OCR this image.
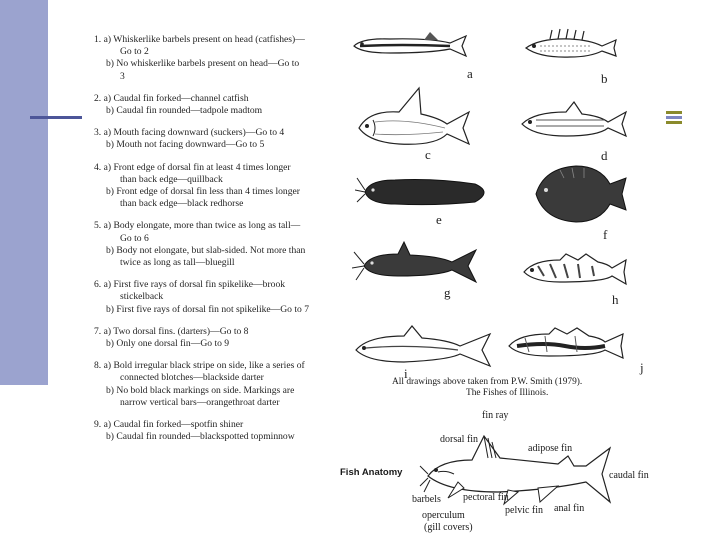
1. a) Whiskerlike barbels present on head (catfishes)—
Go to 2
b) No whiskerlike barbels present on head—Go to
3
2. a) Caudal fin forked—channel catfish
b) Caudal fin rounded—tadpole madtom
3. a) Mouth facing downward (suckers)—Go to 4
b) Mouth not facing downward—Go to 5
4. a) Front edge of dorsal fin at least 4 times longer
than back edge—quillback
b) Front edge of dorsal fin less than 4 times longer
than back edge—black redhorse
5. a) Body elongate, more than twice as long as tall—
Go to 6
b) Body not elongate, but slab-sided. Not more than
twice as long as tall—bluegill
6. a) First five rays of dorsal fin spikelike—brook
stickelback
b) First five rays of dorsal fin not spikelike—Go to 7
7. a) Two dorsal fins. (darters)—Go to 8
b) Only one dorsal fin—Go to 9
8. a) Bold irregular black stripe on side, like a series of
connected blotches—blackside darter
b) No bold black markings on side. Markings are
narrow vertical bars—orangethroat darter
9. a) Caudal fin forked—spotfin shiner
b) Caudal fin rounded—blackspotted topminnow
a	b
c	d
e
f
g	h
i	j
All drawings above taken from P.W. Smith (1979).
The Fishes of Illinois.
Fish Anatomy
fin ray
dorsal fin
adipose fin
caudal fin
barbels pectoral fin
pelvic fin anal fin
operculum
(gill covers)
